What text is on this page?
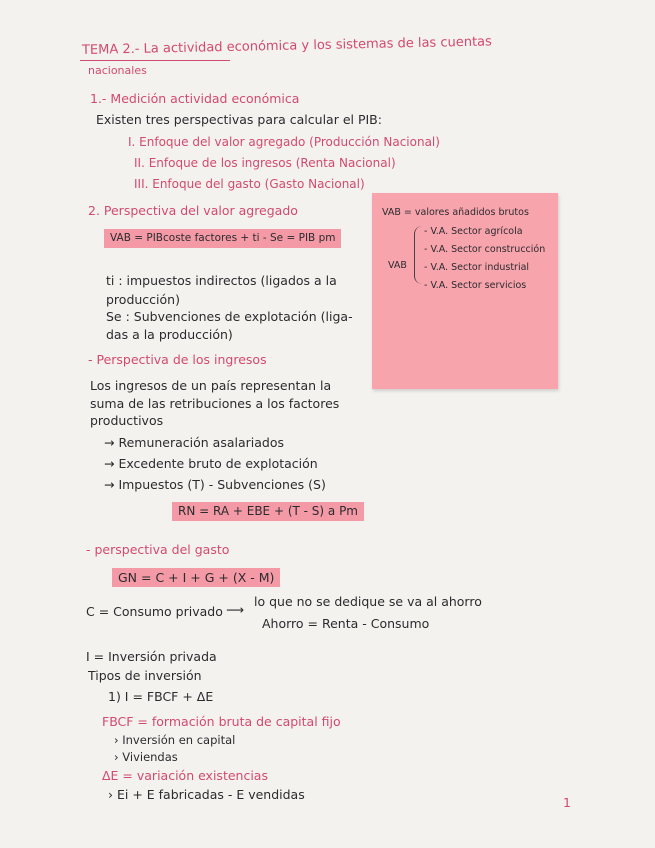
TEMA 2.- La actividad económica y los sistemas de las cuentas
nacionales
1.- Medición actividad económica
Existen tres perspectivas para calcular el PIB:
I. Enfoque del valor agregado (Producción Nacional)
II. Enfoque de los ingresos (Renta Nacional)
III. Enfoque del gasto (Gasto Nacional)
2. Perspectiva del valor agregado
VAB = PIBcoste factores + ti - Se = PIB pm
ti : impuestos indirectos (ligados a la
producción)
Se : Subvenciones de explotación (liga-
das a la producción)
VAB = valores añadidos brutos
VAB
- V.A. Sector agrícola
- V.A. Sector construcción
- V.A. Sector industrial
- V.A. Sector servicios
- Perspectiva de los ingresos
Los ingresos de un país representan la
suma de las retribuciones a los factores
productivos
→ Remuneración asalariados
→ Excedente bruto de explotación
→ Impuestos (T) - Subvenciones (S)
RN = RA + EBE + (T - S) a Pm
- perspectiva del gasto
GN = C + I + G + (X - M)
C = Consumo privado ⟶
lo que no se dedique se va al ahorro
Ahorro = Renta - Consumo
I = Inversión privada
Tipos de inversión
1) I = FBCF + ΔE
FBCF = formación bruta de capital fijo
› Inversión en capital
› Viviendas
ΔE = variación existencias
› Ei + E fabricadas - E vendidas
1
